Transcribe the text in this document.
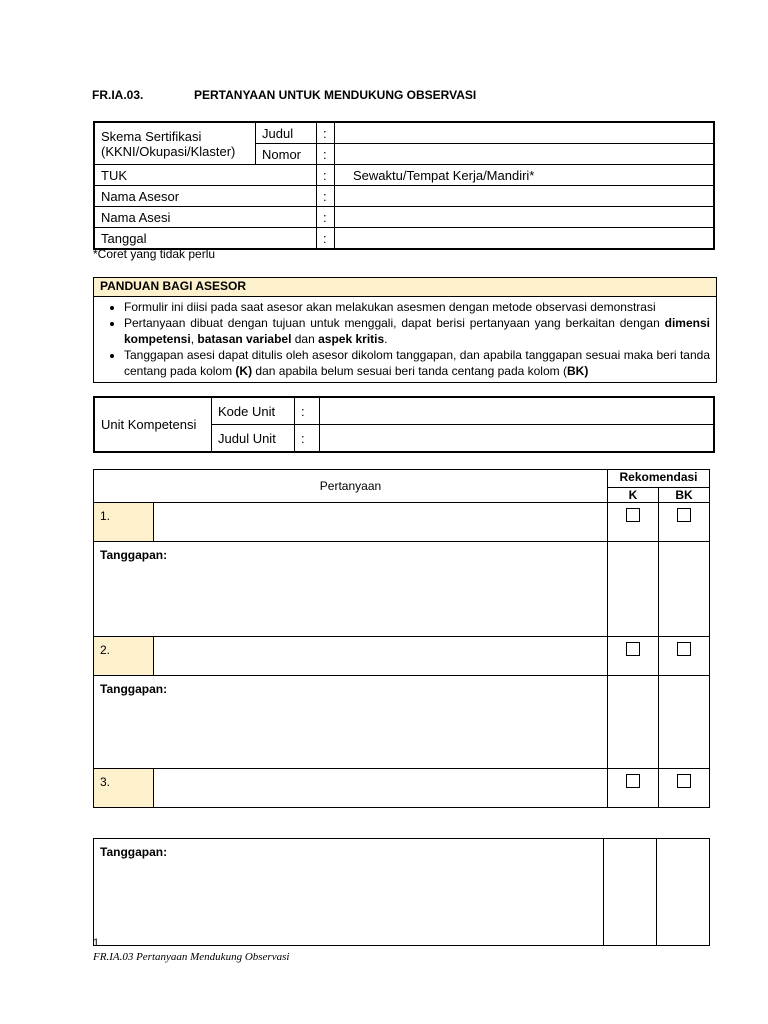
FR.IA.03.	PERTANYAAN UNTUK MENDUKUNG OBSERVASI
Skema Sertifikasi
(KKNI/Okupasi/Klaster)	Judul	:	
	Nomor	:	
TUK		:	Sewaktu/Tempat Kerja/Mandiri*
Nama Asesor		:	
Nama Asesi		:	
Tanggal		:	
*Coret yang tidak perlu
PANDUAN BAGI ASESOR
• Formulir ini diisi pada saat asesor akan melakukan asesmen dengan metode observasi demonstrasi
• Pertanyaan dibuat dengan tujuan untuk menggali, dapat berisi pertanyaan yang berkaitan dengan dimensi kompetensi, batasan variabel dan aspek kritis.
• Tanggapan asesi dapat ditulis oleh asesor dikolom tanggapan, dan apabila tanggapan sesuai maka beri tanda centang pada kolom (K) dan apabila belum sesuai beri tanda centang pada kolom (BK)
Unit Kompetensi	Kode Unit	:	
	Judul Unit	:	
Pertanyaan		Rekomendasi	
		K	BK
1.			
Tanggapan:			
2.			
Tanggapan:			
3.			
Tanggapan:		
1
FR.IA.03 Pertanyaan Mendukung Observasi
